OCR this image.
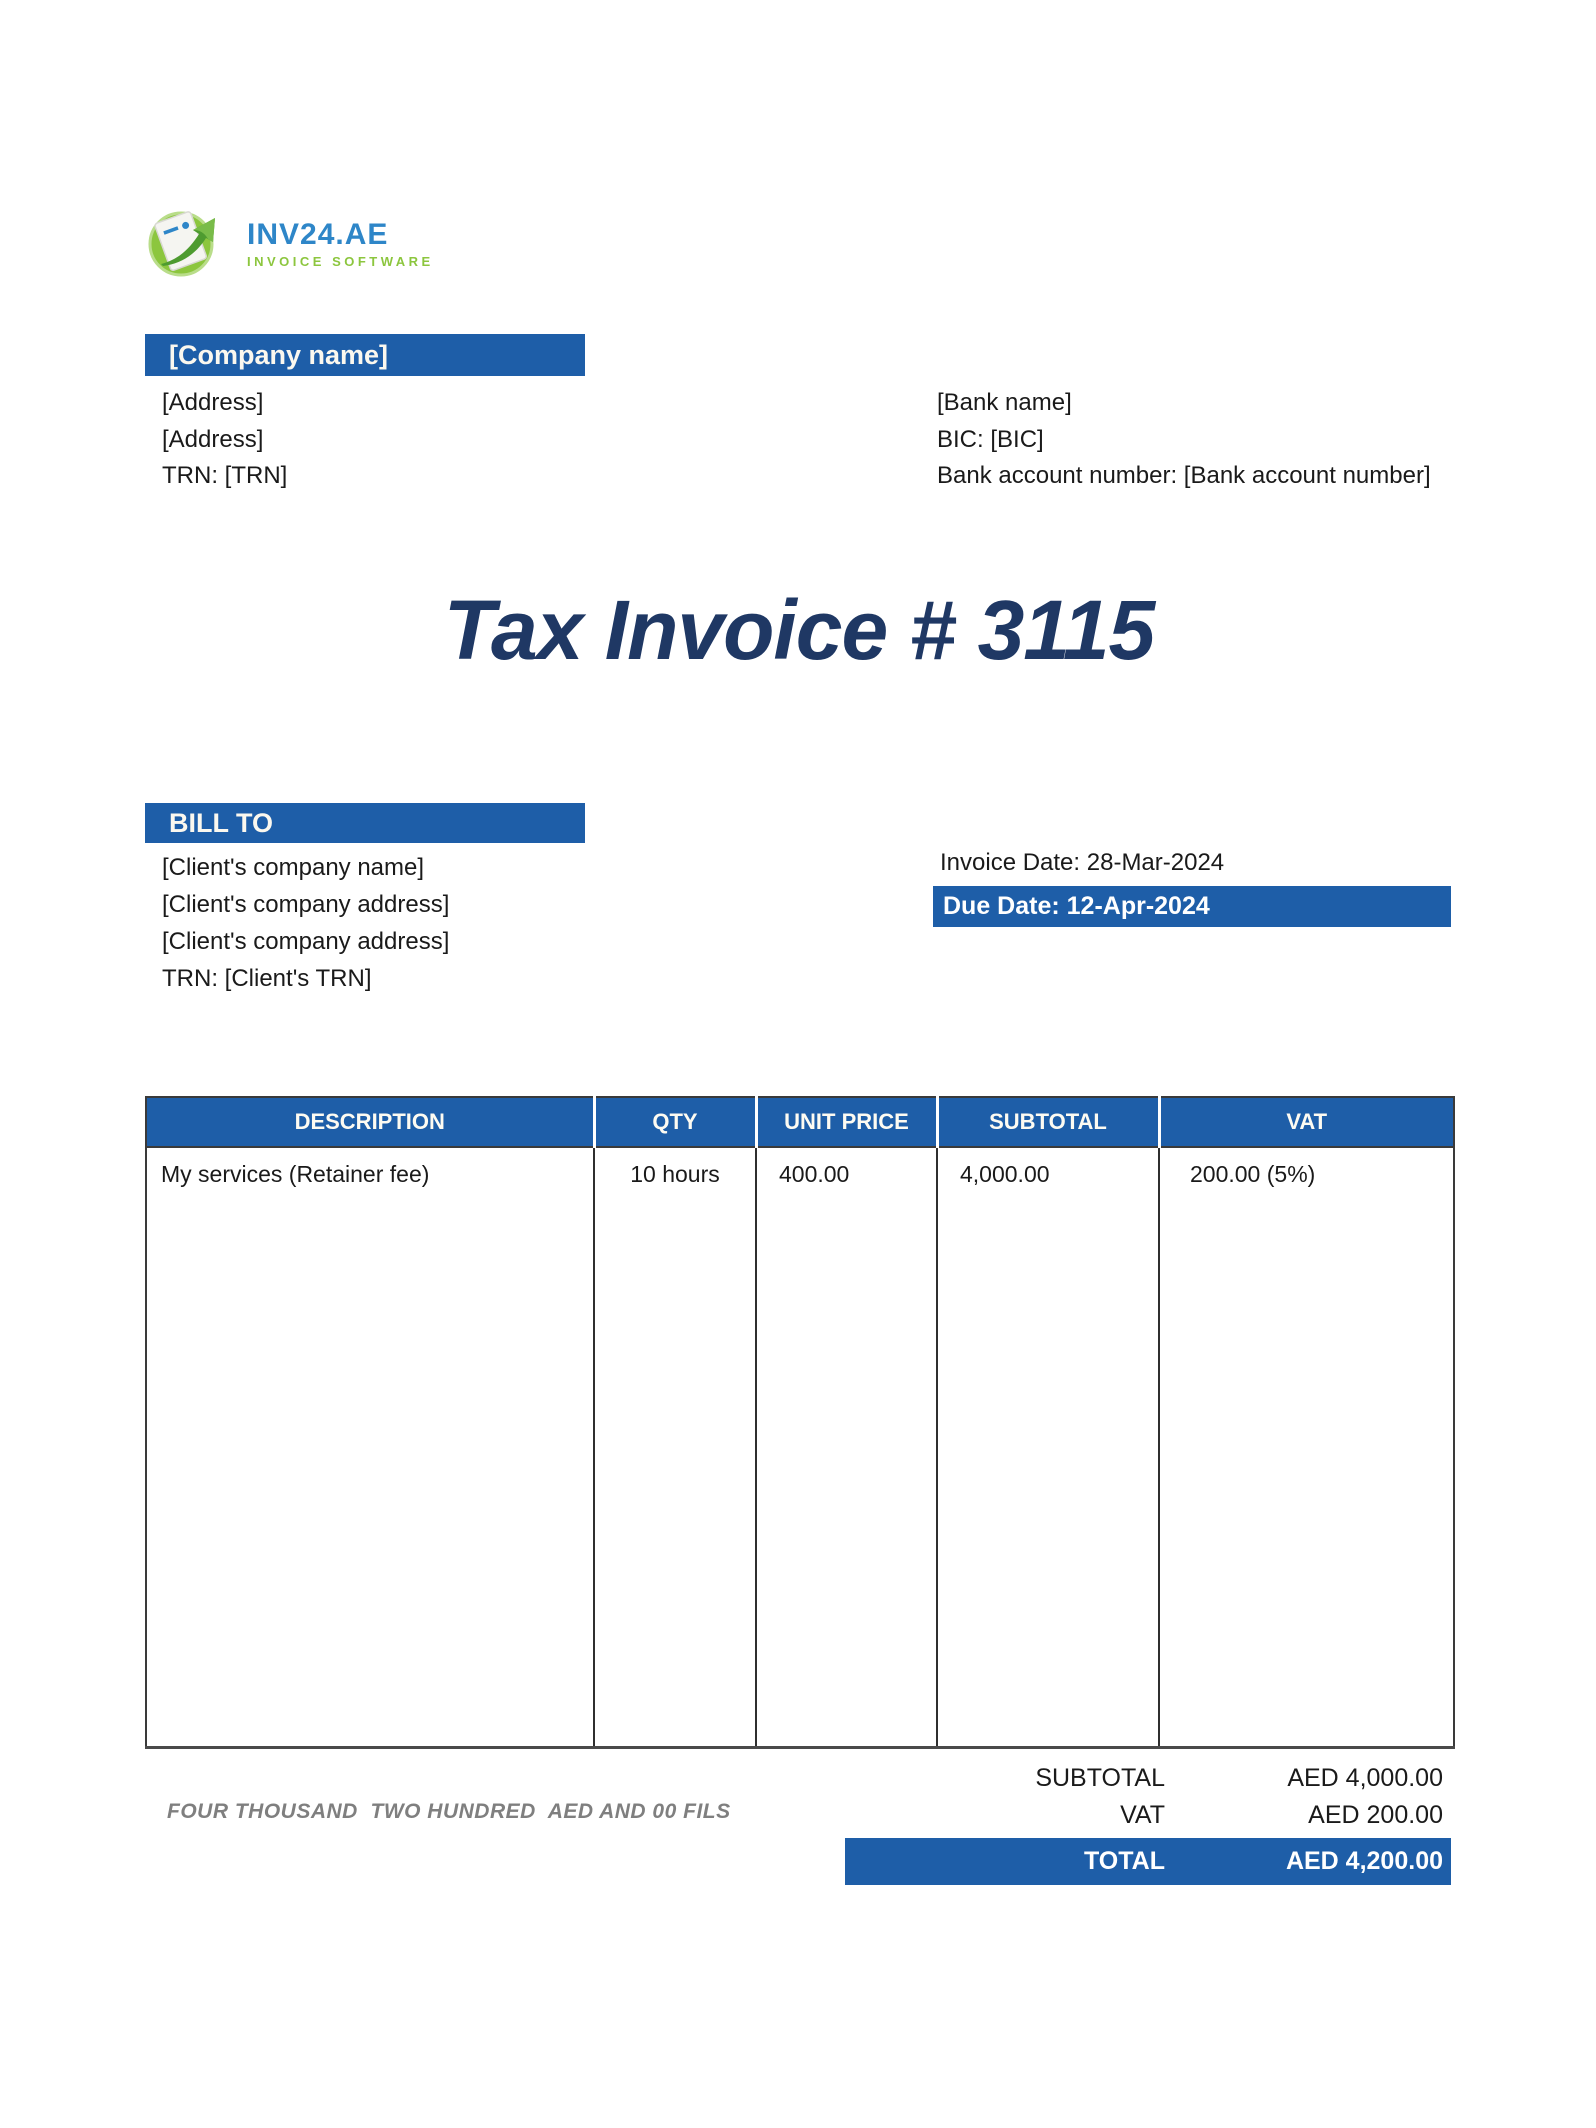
INV24.AE
INVOICE SOFTWARE
[Company name]
[Address]
[Address]
TRN: [TRN]
[Bank name]
BIC: [BIC]
Bank account number: [Bank account number]
Tax Invoice # 3115
BILL TO
[Client's company name]
[Client's company address]
[Client's company address]
TRN: [Client's TRN]
Invoice Date: 28-Mar-2024
Due Date: 12-Apr-2024
DESCRIPTION	QTY	UNIT PRICE	SUBTOTAL	VAT
My services (Retainer fee)	10 hours	400.00	4,000.00	200.00 (5%)
FOUR THOUSAND  TWO HUNDRED  AED AND 00 FILS
SUBTOTAL	AED 4,000.00
VAT	AED 200.00
TOTAL	AED 4,200.00
